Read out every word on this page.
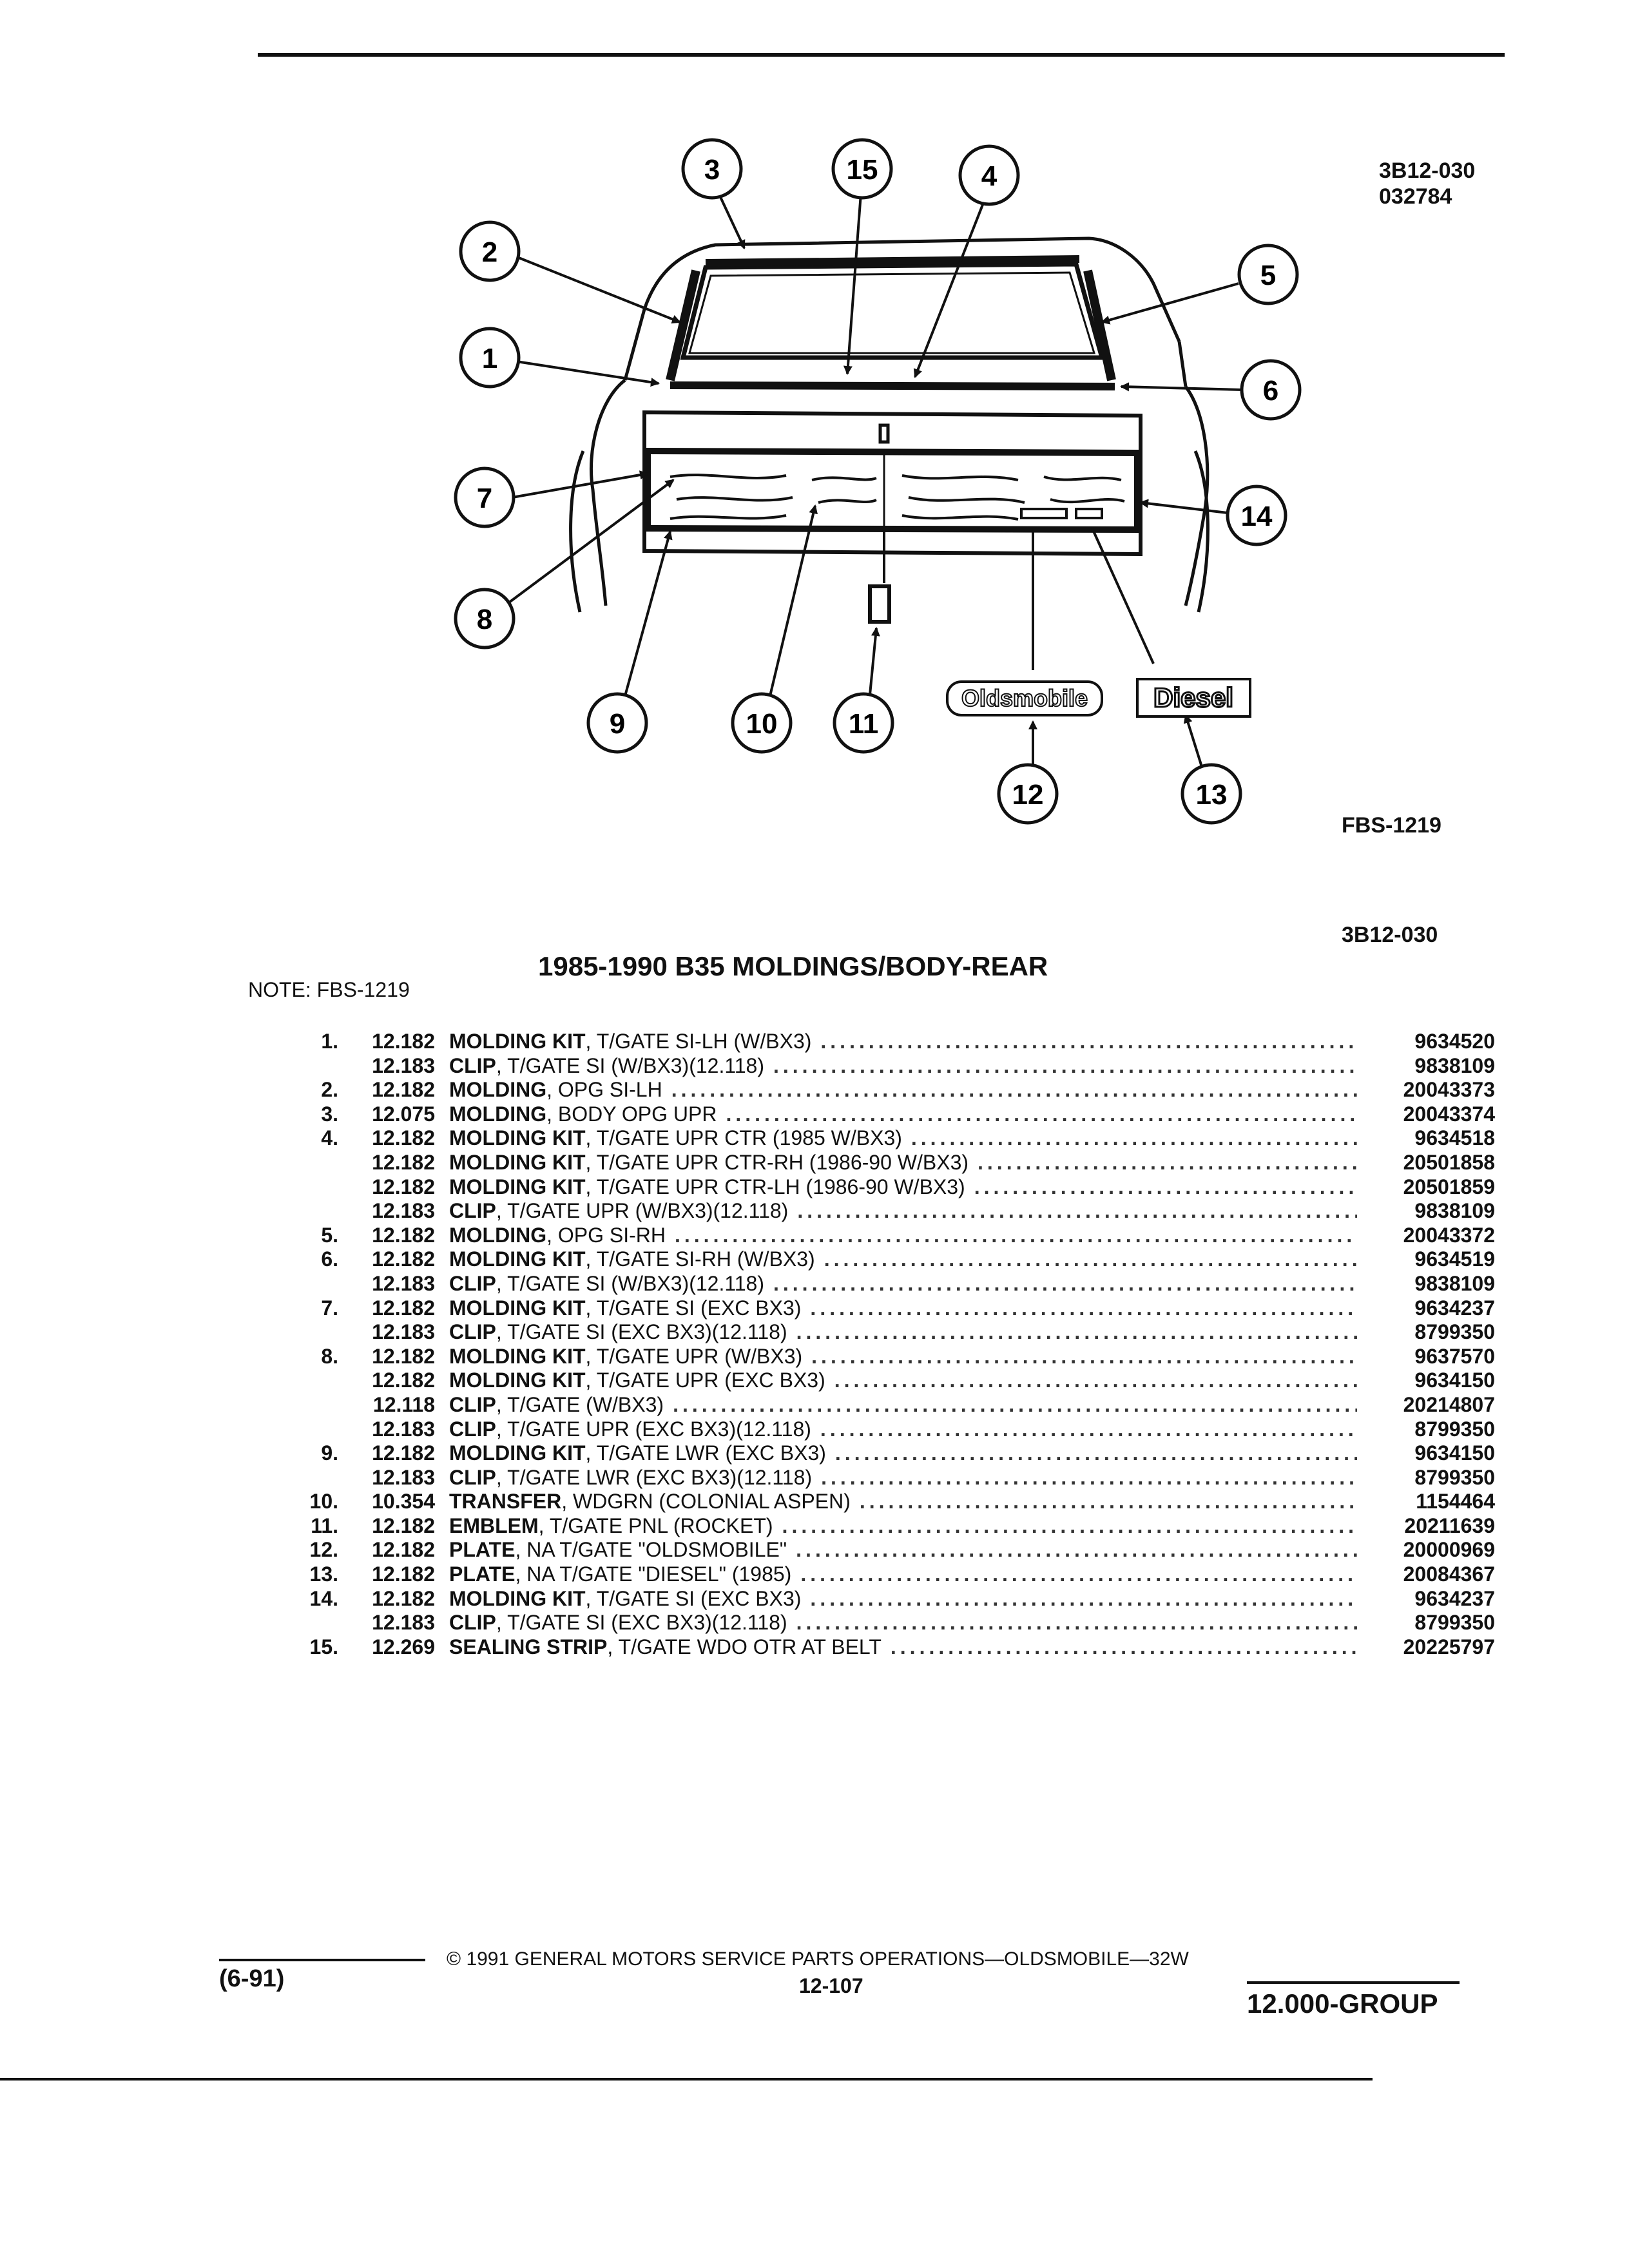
3B12-030
032784
FBS-1219
3B12-030
1
2
3	4
5
6
7
8
9	10	11
12	13
14
15
Oldsmobile Diesel
1985-1990 B35 MOLDINGS/BODY-REAR
NOTE: FBS-1219
1.	12.182 MOLDING KIT, T/GATE SI-LH (W/BX3) .....	9634520
12.183 CLIP, T/GATE SI (W/BX3)(12.118) .....	9838109
2.	12.182 MOLDING, OPG SI-LH .....	20043373
3.	12.075 MOLDING, BODY OPG UPR .....	20043374
4.	12.182 MOLDING KIT, T/GATE UPR CTR (1985 W/BX3) .....	9634518
12.182 MOLDING KIT, T/GATE UPR CTR-RH (1986-90 W/BX3) .....	20501858
12.182 MOLDING KIT, T/GATE UPR CTR-LH (1986-90 W/BX3) .....	20501859
12.183 CLIP, T/GATE UPR (W/BX3)(12.118) .....	9838109
5.	12.182 MOLDING, OPG SI-RH .....	20043372
6.	12.182 MOLDING KIT, T/GATE SI-RH (W/BX3) .....	9634519
12.183 CLIP, T/GATE SI (W/BX3)(12.118) .....	9838109
7.	12.182 MOLDING KIT, T/GATE SI (EXC BX3) .....	9634237
12.183 CLIP, T/GATE SI (EXC BX3)(12.118) .....	8799350
8.	12.182 MOLDING KIT, T/GATE UPR (W/BX3) .....	9637570
12.182 MOLDING KIT, T/GATE UPR (EXC BX3) .....	9634150
12.118 CLIP, T/GATE (W/BX3) .....	20214807
12.183 CLIP, T/GATE UPR (EXC BX3)(12.118) .....	8799350
9.	12.182 MOLDING KIT, T/GATE LWR (EXC BX3) .....	9634150
12.183 CLIP, T/GATE LWR (EXC BX3)(12.118) .....	8799350
10.	10.354 TRANSFER, WDGRN (COLONIAL ASPEN) .....	1154464
11.	12.182 EMBLEM, T/GATE PNL (ROCKET) .....	20211639
12.	12.182 PLATE, NA T/GATE "OLDSMOBILE" .....	20000969
13.	12.182 PLATE, NA T/GATE "DIESEL" (1985) .....	20084367
14.	12.182 MOLDING KIT, T/GATE SI (EXC BX3) .....	9634237
12.183 CLIP, T/GATE SI (EXC BX3)(12.118) .....	8799350
15.	12.269 SEALING STRIP, T/GATE WDO OTR AT BELT .....	20225797
(6-91)
© 1991 GENERAL MOTORS SERVICE PARTS OPERATIONS—OLDSMOBILE—32W
12-107
12.000-GROUP
